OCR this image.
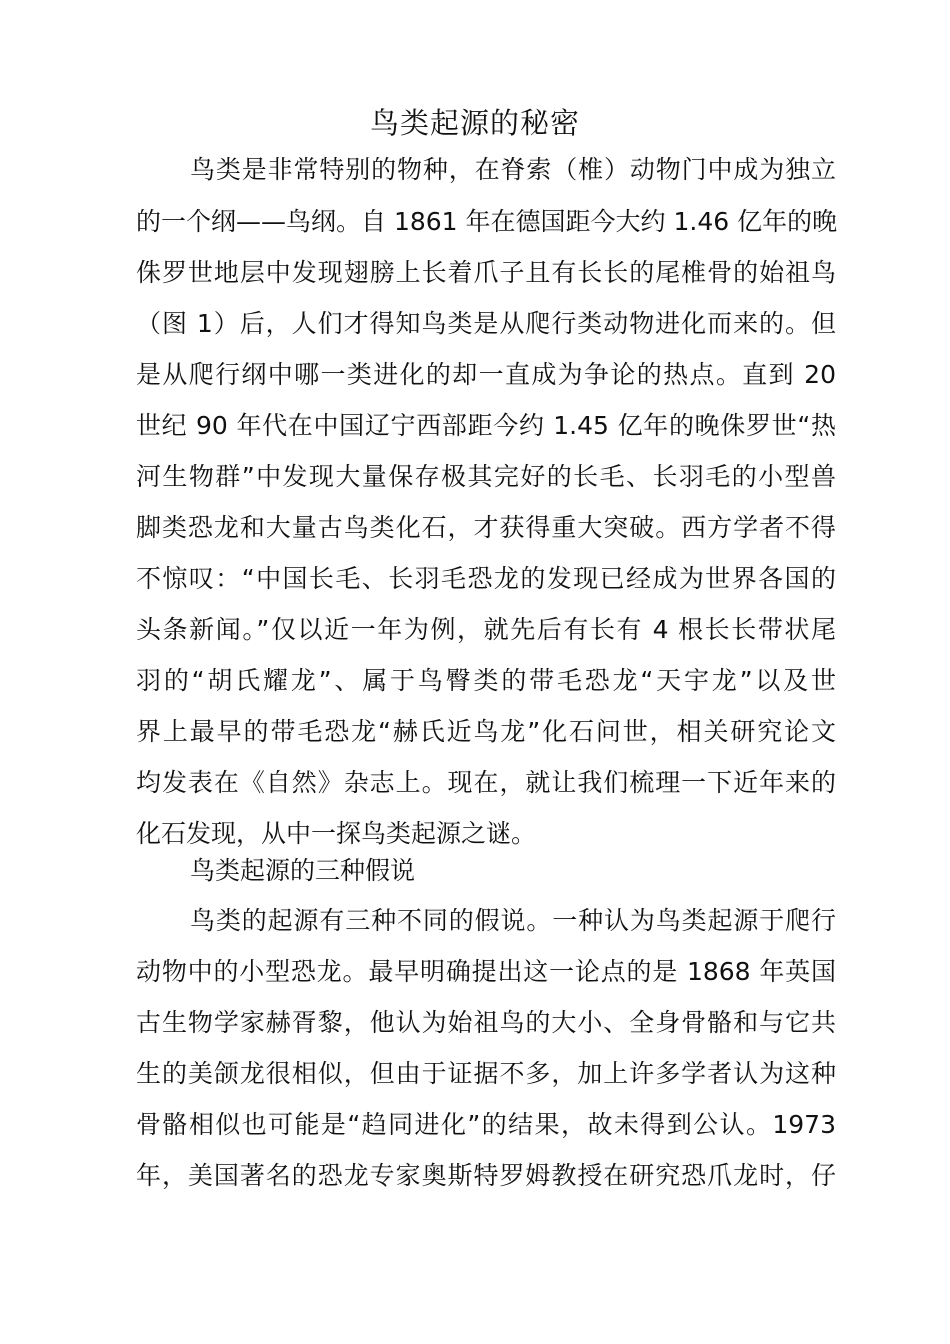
鸟类起源的秘密
鸟类是非常特别的物种，在脊索（椎）动物门中成为独立
的一个纲——鸟纲。自 1861 年在德国距今大约 1.46 亿年的晚
侏罗世地层中发现翅膀上长着爪子且有长长的尾椎骨的始祖鸟
（图 1）后，人们才得知鸟类是从爬行类动物进化而来的。但
是从爬行纲中哪一类进化的却一直成为争论的热点。直到 20
世纪 90 年代在中国辽宁西部距今约 1.45 亿年的晚侏罗世“热
河生物群”中发现大量保存极其完好的长毛、长羽毛的小型兽
脚类恐龙和大量古鸟类化石，才获得重大突破。西方学者不得
不惊叹：“中国长毛、长羽毛恐龙的发现已经成为世界各国的
头条新闻。”仅以近一年为例，就先后有长有 4 根长长带状尾
羽的“胡氏耀龙”、属于鸟臀类的带毛恐龙“天宇龙”以及世
界上最早的带毛恐龙“赫氏近鸟龙”化石问世，相关研究论文
均发表在《自然》杂志上。现在，就让我们梳理一下近年来的
化石发现，从中一探鸟类起源之谜。
鸟类起源的三种假说
鸟类的起源有三种不同的假说。一种认为鸟类起源于爬行
动物中的小型恐龙。最早明确提出这一论点的是 1868 年英国
古生物学家赫胥黎，他认为始祖鸟的大小、全身骨骼和与它共
生的美颌龙很相似，但由于证据不多，加上许多学者认为这种
骨骼相似也可能是“趋同进化”的结果，故未得到公认。1973
年，美国著名的恐龙专家奥斯特罗姆教授在研究恐爪龙时，仔
